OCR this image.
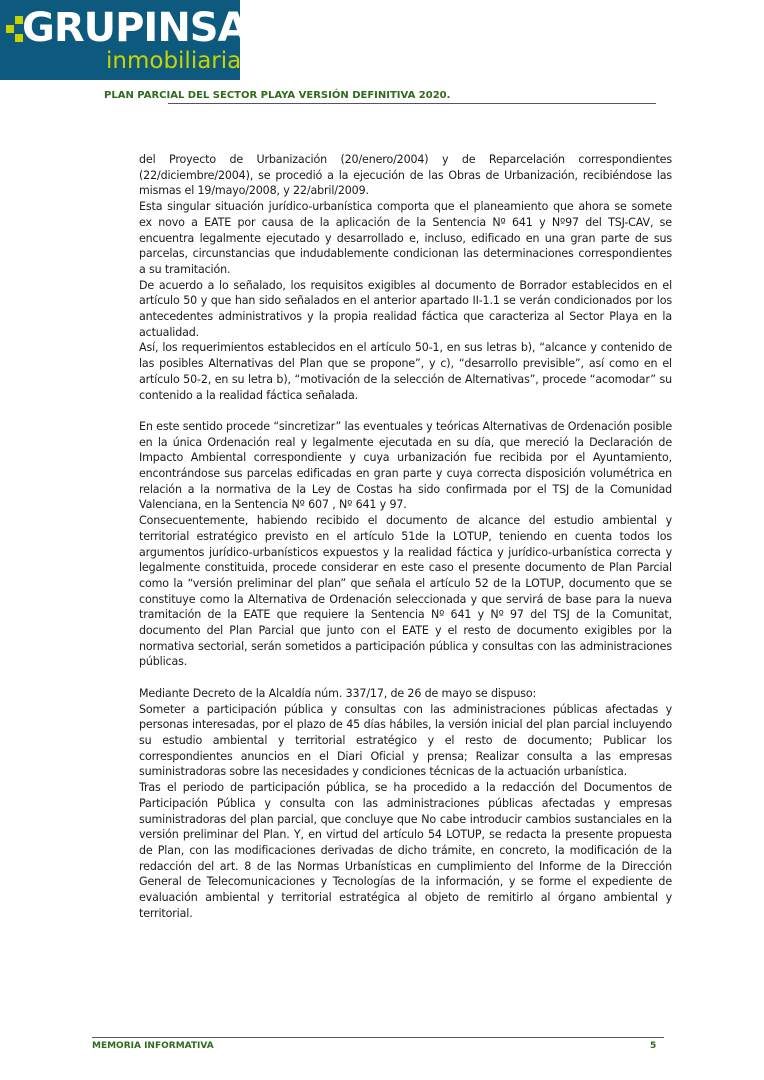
GRUPINSA
inmobiliaria
PLAN PARCIAL DEL SECTOR PLAYA VERSIÓN DEFINITIVA 2020.

del Proyecto de Urbanización (20/enero/2004) y de Reparcelación correspondientes (22/diciembre/2004), se procedió a la ejecución de las Obras de Urbanización, recibiéndose las mismas el 19/mayo/2008, y 22/abril/2009.

Esta singular situación jurídico-urbanística comporta que el planeamiento que ahora se somete ex novo a EATE por causa de la aplicación de la Sentencia Nº 641 y Nº97 del TSJ-CAV, se encuentra legalmente ejecutado y desarrollado e, incluso, edificado en una gran parte de sus parcelas, circunstancias que indudablemente condicionan las determinaciones correspondientes a su tramitación.

De acuerdo a lo señalado, los requisitos exigibles al documento de Borrador establecidos en el artículo 50 y que han sido señalados en el anterior apartado II-1.1 se verán condicionados por los antecedentes administrativos y la propia realidad fáctica que caracteriza al Sector Playa en la actualidad.

Así, los requerimientos establecidos en el artículo 50-1, en sus letras b), “alcance y contenido de las posibles Alternativas del Plan que se propone”, y c), “desarrollo previsible”, así como en el artículo 50-2, en su letra b), “motivación de la selección de Alternativas”, procede “acomodar” su contenido a la realidad fáctica señalada.

En este sentido procede “sincretizar” las eventuales y teóricas Alternativas de Ordenación posible en la única Ordenación real y legalmente ejecutada en su día, que mereció la Declaración de Impacto Ambiental correspondiente y cuya urbanización fue recibida por el Ayuntamiento, encontrándose sus parcelas edificadas en gran parte y cuya correcta disposición volumétrica en relación a la normativa de la Ley de Costas ha sido confirmada por el TSJ de la Comunidad Valenciana, en la Sentencia Nº 607 , Nº 641 y 97.

Consecuentemente, habiendo recibido el documento de alcance del estudio ambiental y territorial estratégico previsto en el artículo 51de la LOTUP, teniendo en cuenta todos los argumentos jurídico-urbanísticos expuestos y la realidad fáctica y jurídico-urbanística correcta y legalmente constituida, procede considerar en este caso el presente documento de Plan Parcial como la “versión preliminar del plan” que señala el artículo 52 de la LOTUP, documento que se constituye como la Alternativa de Ordenación seleccionada y que servirá de base para la nueva tramitación de la EATE que requiere la Sentencia Nº 641 y Nº 97 del TSJ de la Comunitat, documento del Plan Parcial que junto con el EATE y el resto de documento exigibles por la normativa sectorial, serán sometidos a participación pública y consultas con las administraciones públicas.

Mediante Decreto de la Alcaldía núm. 337/17, de 26 de mayo se dispuso:

Someter a participación pública y consultas con las administraciones públicas afectadas y personas interesadas, por el plazo de 45 días hábiles, la versión inicial del plan parcial incluyendo su estudio ambiental y territorial estratégico y el resto de documento; Publicar los correspondientes anuncios en el Diari Oficial y prensa; Realizar consulta a las empresas suministradoras sobre las necesidades y condiciones técnicas de la actuación urbanística.

Tras el periodo de participación pública, se ha procedido a la redacción del Documentos de Participación Pública y consulta con las administraciones públicas afectadas y empresas suministradoras del plan parcial, que concluye que No cabe introducir cambios sustanciales en la versión preliminar del Plan. Y, en virtud del artículo 54 LOTUP, se redacta la presente propuesta de Plan, con las modificaciones derivadas de dicho trámite, en concreto, la modificación de la redacción del art. 8 de las Normas Urbanísticas en cumplimiento del Informe de la Dirección General de Telecomunicaciones y Tecnologías de la información, y se forme el expediente de evaluación ambiental y territorial estratégica al objeto de remitirlo al órgano ambiental y territorial.

MEMORIA INFORMATIVA	5
